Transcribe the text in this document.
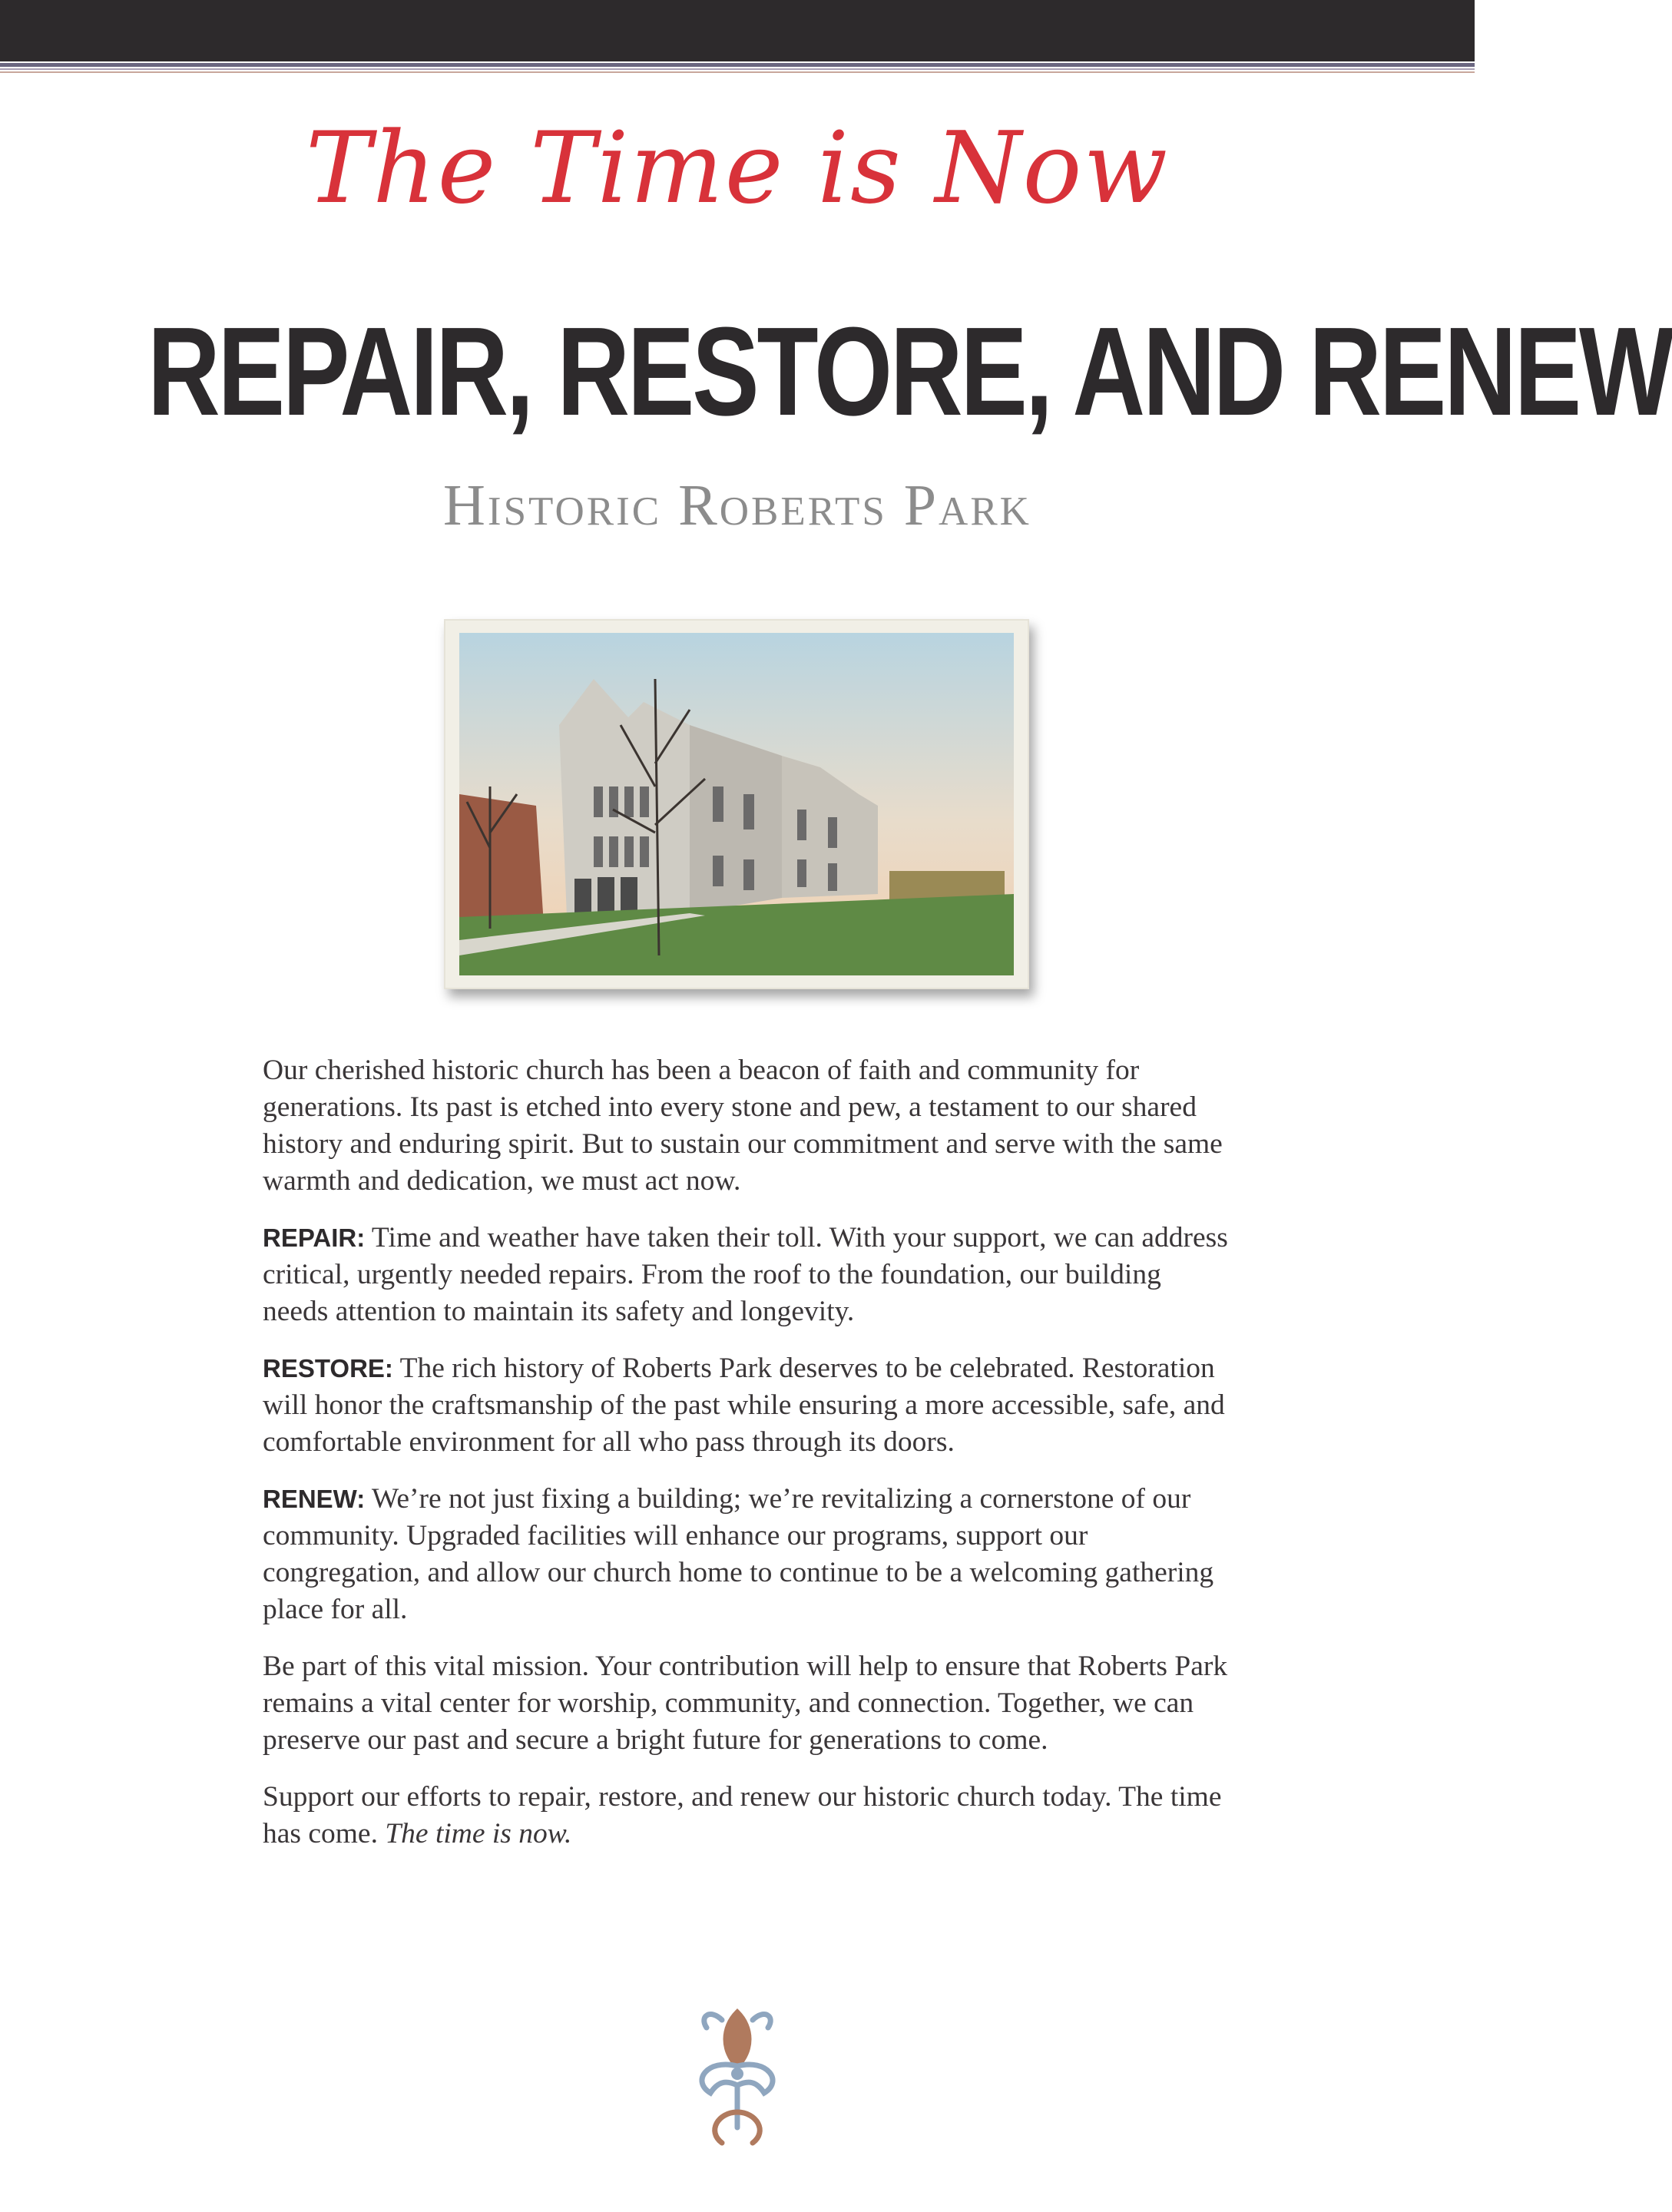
The Time is Now
REPAIR, RESTORE, AND RENEW
Historic Roberts Park

Our cherished historic church has been a beacon of faith and community for generations. Its past is etched into every stone and pew, a testament to our shared history and enduring spirit. But to sustain our commitment and serve with the same warmth and dedication, we must act now.

REPAIR: Time and weather have taken their toll. With your support, we can address critical, urgently needed repairs. From the roof to the foundation, our building needs attention to maintain its safety and longevity.

RESTORE: The rich history of Roberts Park deserves to be celebrated. Restoration will honor the craftsmanship of the past while ensuring a more accessible, safe, and comfortable environment for all who pass through its doors.

RENEW: We’re not just fixing a building; we’re revitalizing a cornerstone of our community. Upgraded facilities will enhance our programs, support our congregation, and allow our church home to continue to be a welcoming gathering place for all.

Be part of this vital mission. Your contribution will help to ensure that Roberts Park remains a vital center for worship, community, and connection. Together, we can preserve our past and secure a bright future for generations to come.

Support our efforts to repair, restore, and renew our historic church today. The time has come. The time is now.
